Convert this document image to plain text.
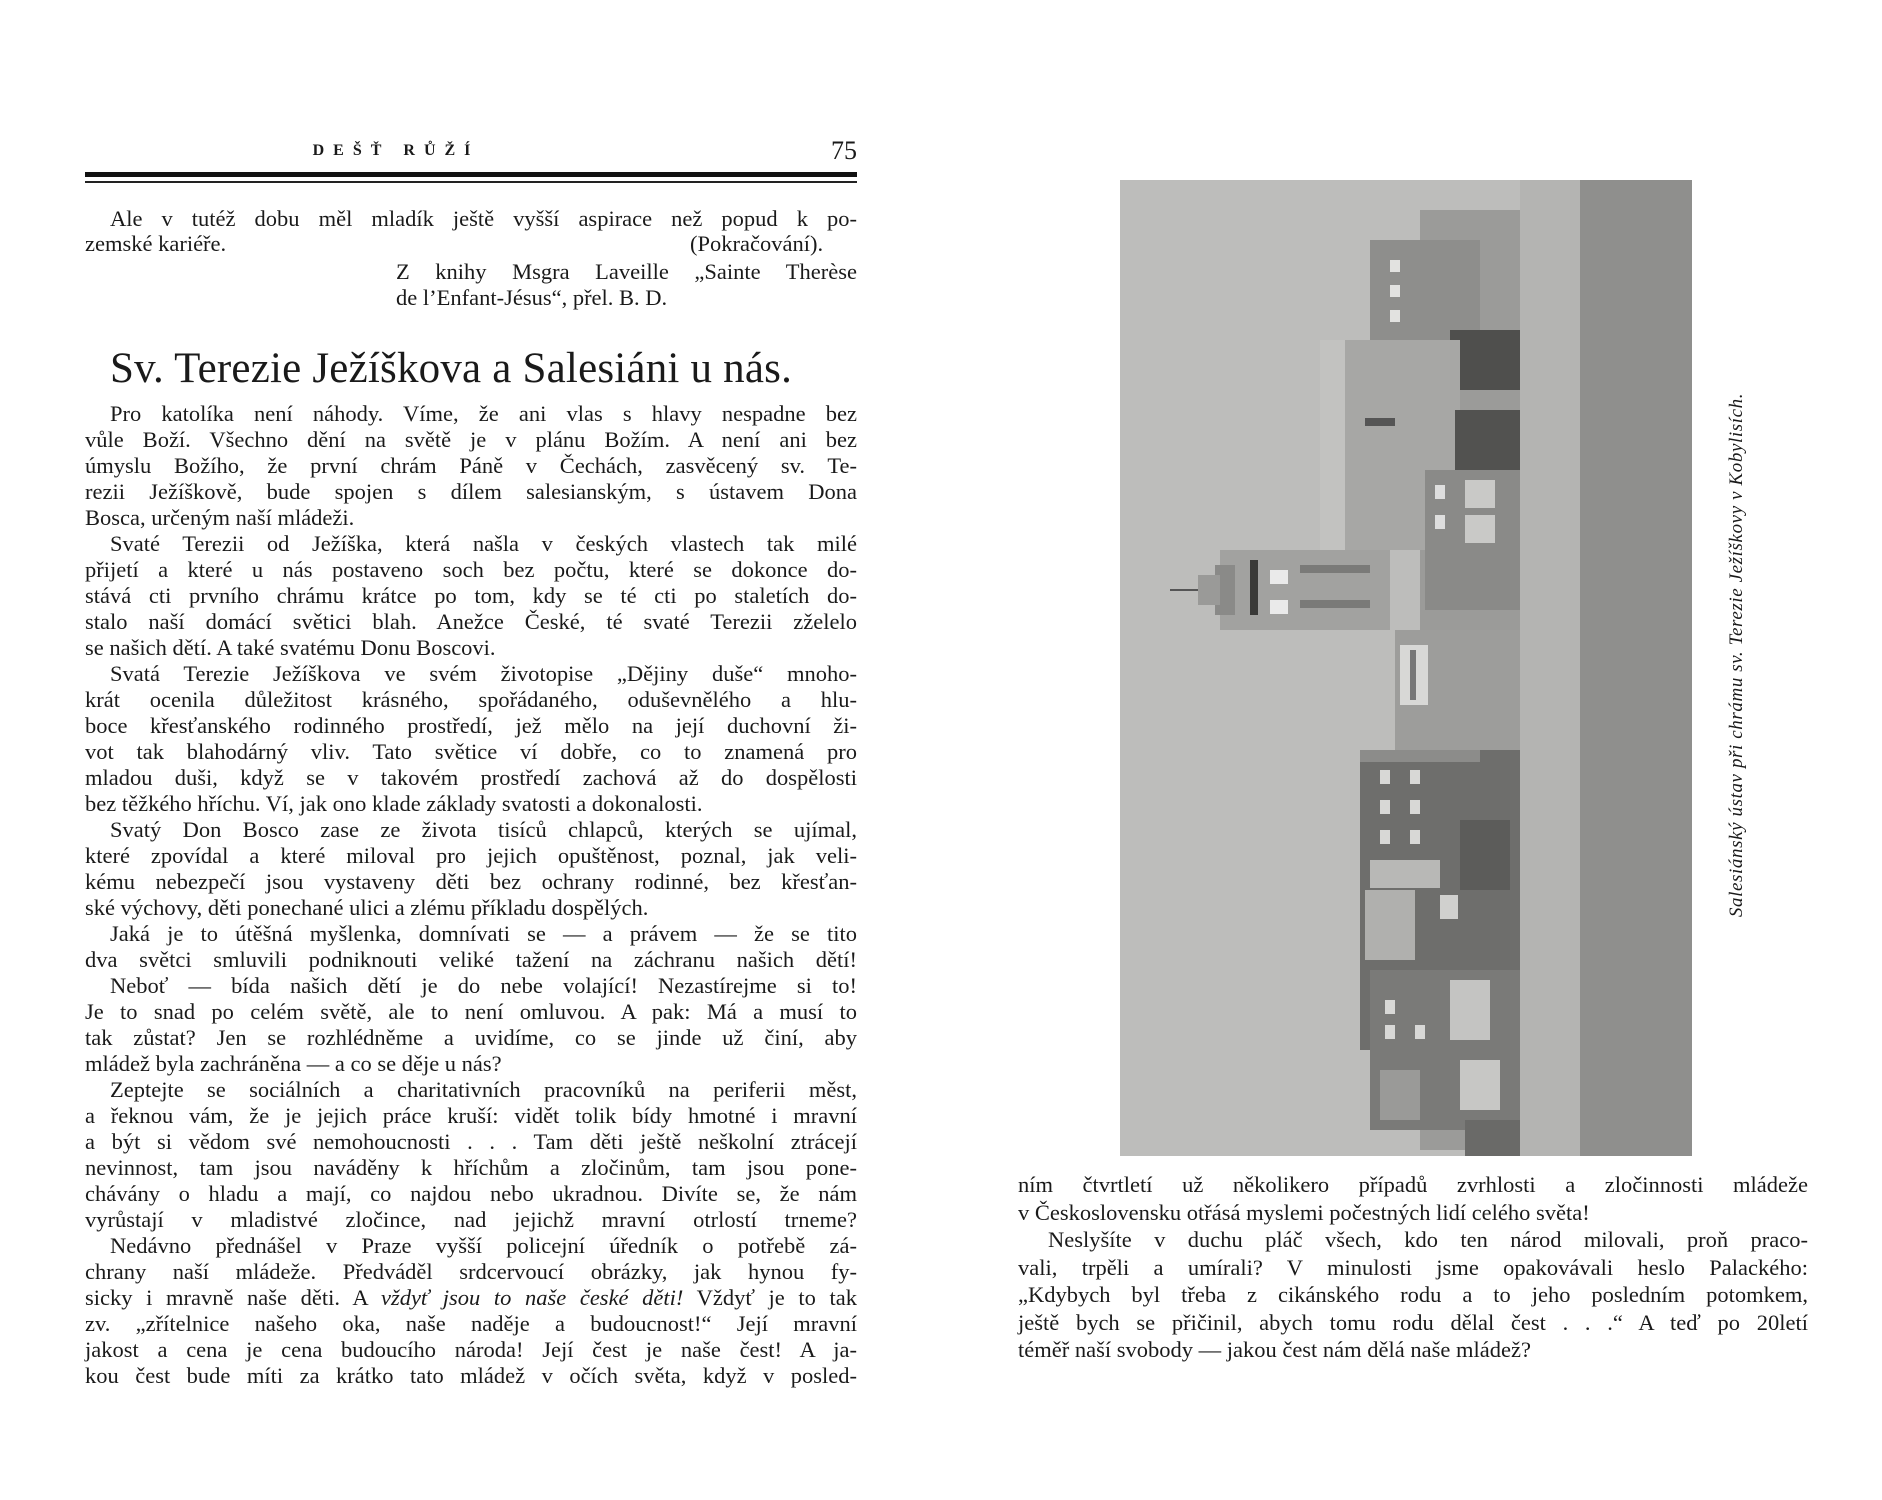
DEŠŤ RŮŽÍ	75
Ale v tutéž dobu měl mladík ještě vyšší aspirace než popud k po-
zemské kariéře.	(Pokračování).
Z knihy Msgra Laveille „Sainte Therèse
de l’Enfant-Jésus“, přel. B. D.
Sv. Terezie Ježíškova a Salesiáni u nás.
Pro katolíka není náhody. Víme, že ani vlas s hlavy nespadne bez
vůle Boží. Všechno dění na světě je v plánu Božím. A není ani bez
úmyslu Božího, že první chrám Páně v Čechách, zasvěcený sv. Te-
rezii Ježíškově, bude spojen s dílem salesianským, s ústavem Dona
Bosca, určeným naší mládeži.
Svaté Terezii od Ježíška, která našla v českých vlastech tak milé
přijetí a které u nás postaveno soch bez počtu, které se dokonce do-
stává cti prvního chrámu krátce po tom, kdy se té cti po staletích do-
stalo naší domácí světici blah. Anežce České, té svaté Terezii zželelo
se našich dětí. A také svatému Donu Boscovi.
Svatá Terezie Ježíškova ve svém životopise „Dějiny duše“ mnoho-
krát ocenila důležitost krásného, spořádaného, oduševnělého a hlu-
boce křesťanského rodinného prostředí, jež mělo na její duchovní ži-
vot tak blahodárný vliv. Tato světice ví dobře, co to znamená pro
mladou duši, když se v takovém prostředí zachová až do dospělosti
bez těžkého hříchu. Ví, jak ono klade základy svatosti a dokonalosti.
Svatý Don Bosco zase ze života tisíců chlapců, kterých se ujímal,
které zpovídal a které miloval pro jejich opuštěnost, poznal, jak veli-
kému nebezpečí jsou vystaveny děti bez ochrany rodinné, bez křesťan-
ské výchovy, děti ponechané ulici a zlému příkladu dospělých.
Jaká je to útěšná myšlenka, domnívati se — a právem — že se tito
dva světci smluvili podniknouti veliké tažení na záchranu našich dětí!
Neboť — bída našich dětí je do nebe volající! Nezastírejme si to!
Je to snad po celém světě, ale to není omluvou. A pak: Má a musí to
tak zůstat? Jen se rozhlédněme a uvidíme, co se jinde už činí, aby
mládež byla zachráněna — a co se děje u nás?
Zeptejte se sociálních a charitativních pracovníků na periferii měst,
a řeknou vám, že je jejich práce kruší: vidět tolik bídy hmotné i mravní
a být si vědom své nemohoucnosti . . . Tam děti ještě neškolní ztrácejí
nevinnost, tam jsou naváděny k hříchům a zločinům, tam jsou pone-
chávány o hladu a mají, co najdou nebo ukradnou. Divíte se, že nám
vyrůstají v mladistvé zločince, nad jejichž mravní otrlostí trneme?
Nedávno přednášel v Praze vyšší policejní úředník o potřebě zá-
chrany naší mládeže. Předváděl srdcervoucí obrázky, jak hynou fy-
sicky i mravně naše děti. A vždyť jsou to naše české děti! Vždyť je to tak
zv. „zřítelnice našeho oka, naše naděje a budoucnost!“ Její mravní
jakost a cena je cena budoucího národa! Její čest je naše čest! A ja-
kou čest bude míti za krátko tato mládež v očích světa, když v posled-
Salesiánský ústav při chrámu sv. Terezie Ježíškovy v Kobylisích.
ním čtvrtletí už několikero případů zvrhlosti a zločinnosti mládeže
v Československu otřásá myslemi počestných lidí celého světa!
Neslyšíte v duchu pláč všech, kdo ten národ milovali, proň praco-
vali, trpěli a umírali? V minulosti jsme opakovávali heslo Palackého:
„Kdybych byl třeba z cikánského rodu a to jeho posledním potomkem,
ještě bych se přičinil, abych tomu rodu dělal čest . . .“ A teď po 20letí
téměř naší svobody — jakou čest nám dělá naše mládež?
